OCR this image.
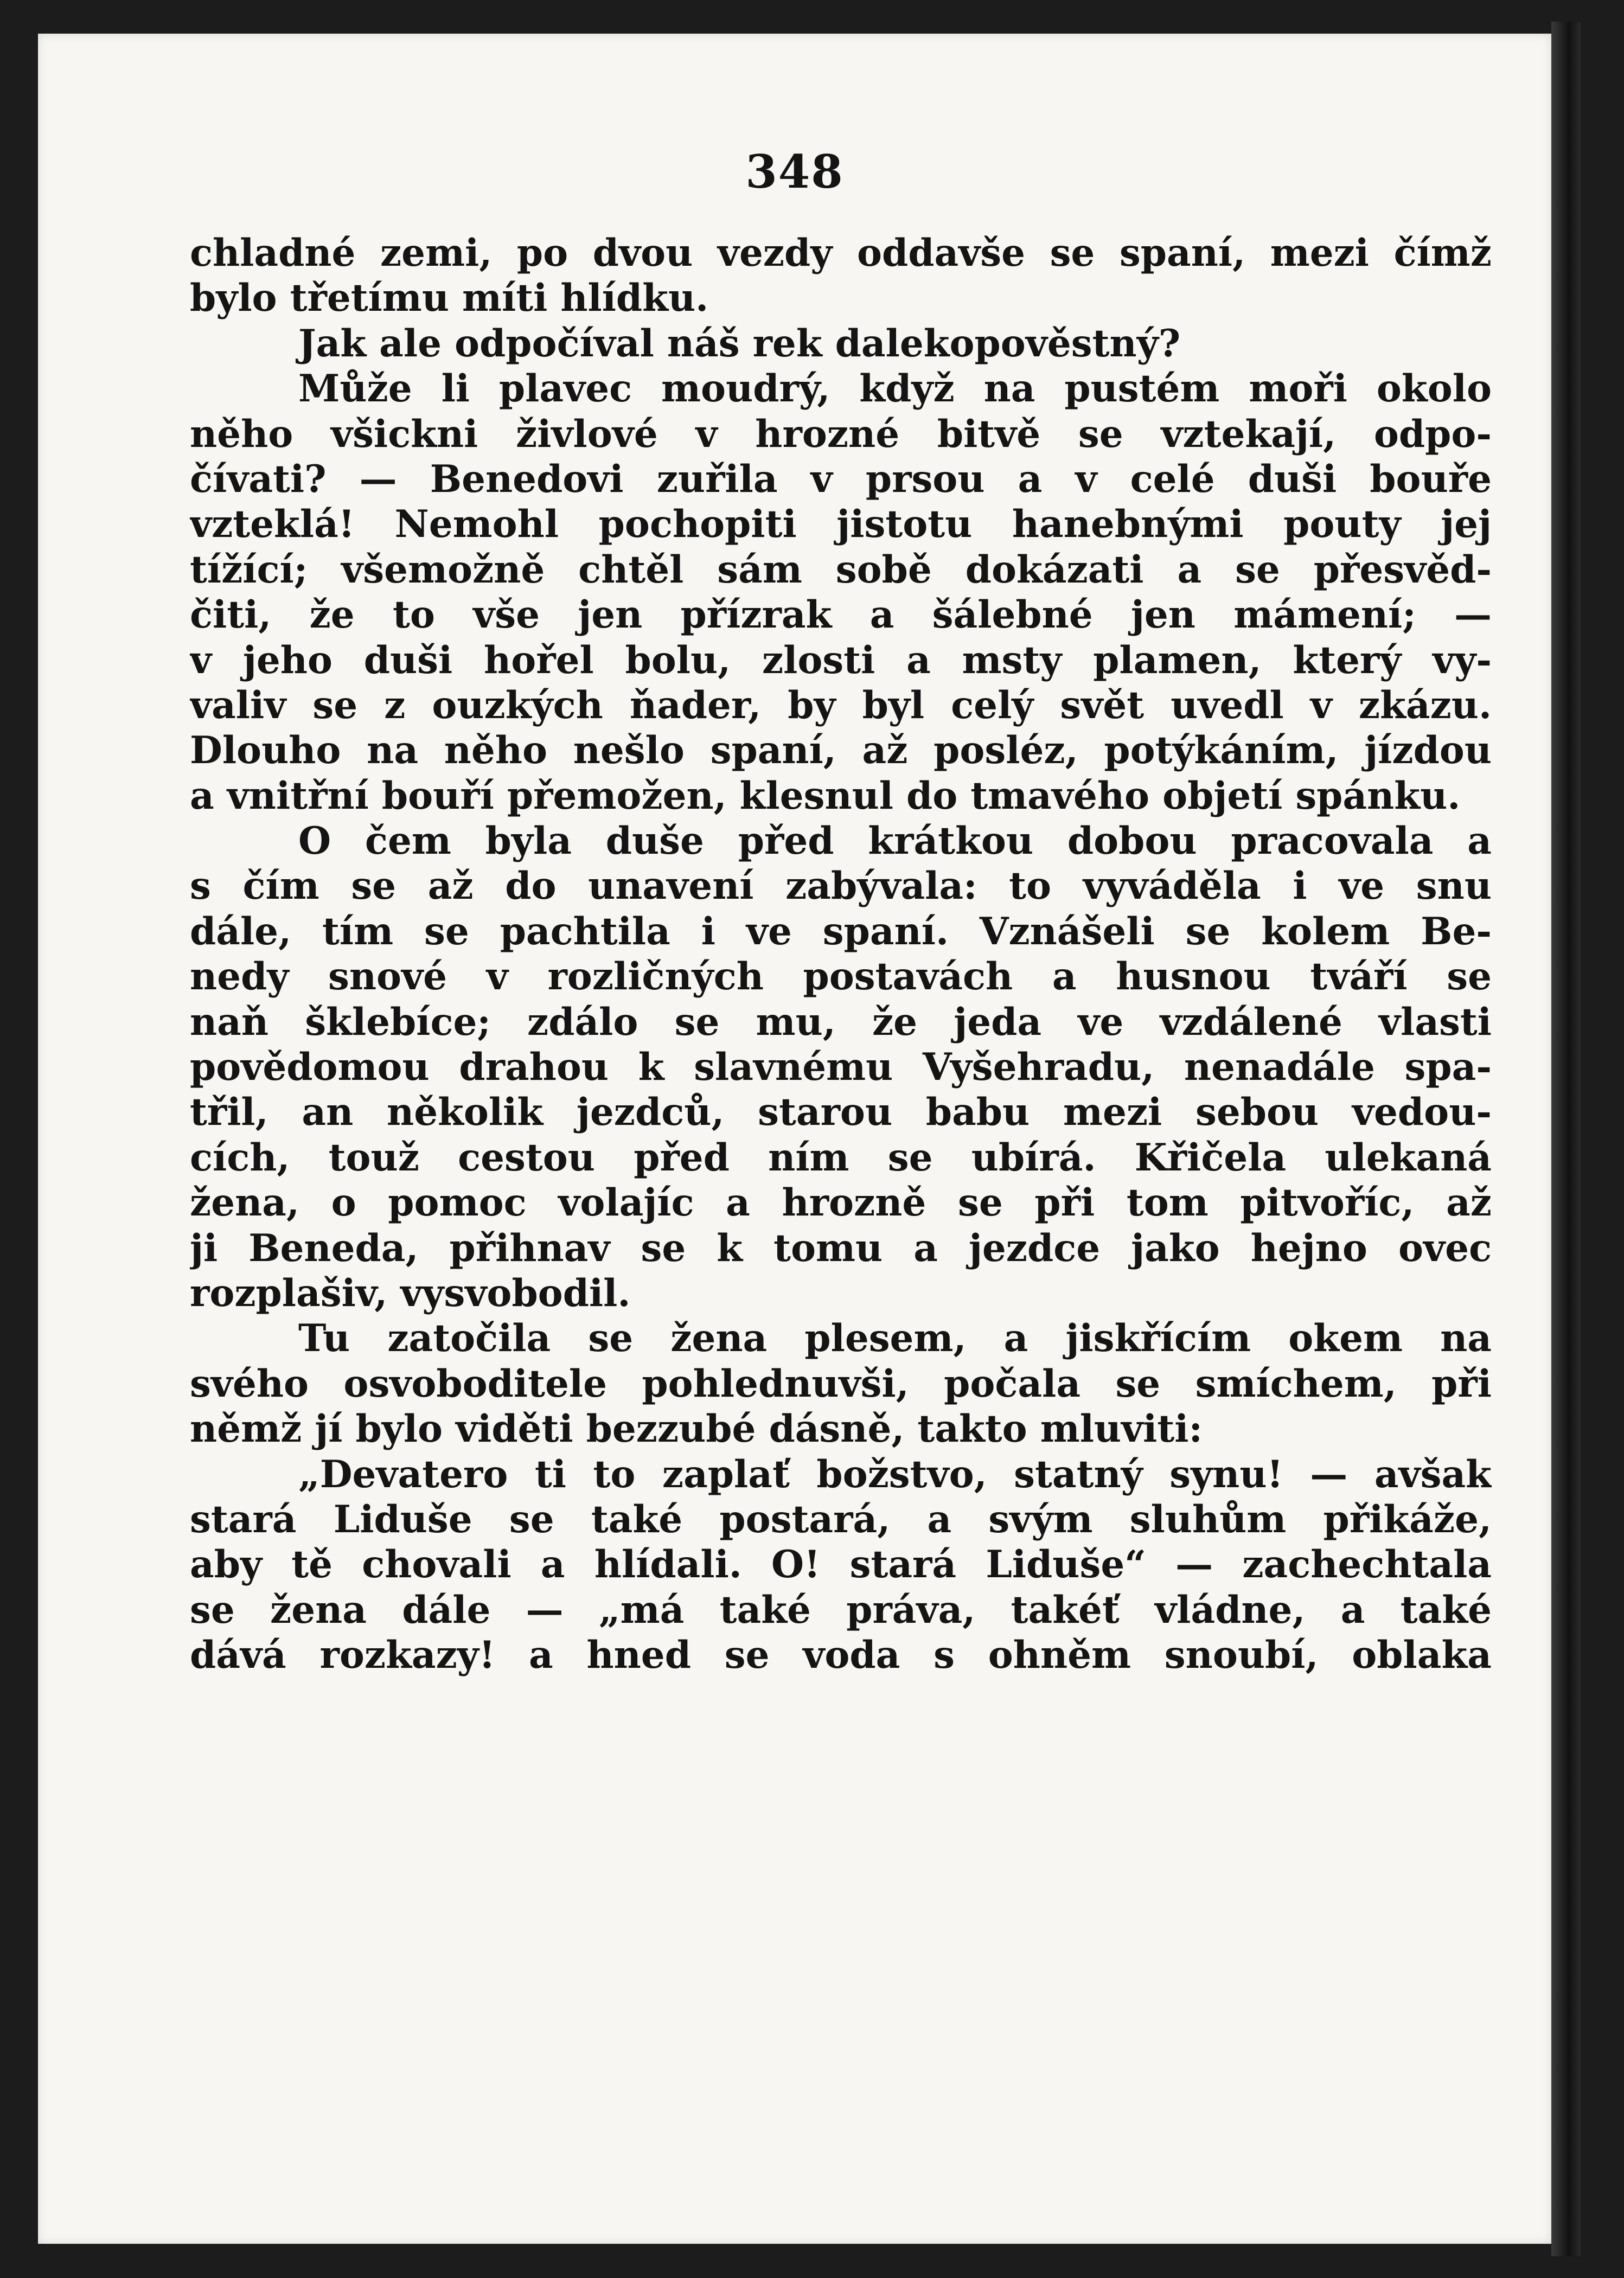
348
chladné zemi, po dvou vezdy oddavše se spaní, mezi čímž
bylo třetímu míti hlídku.
Jak ale odpočíval náš rek dalekopověstný?
Může li plavec moudrý, když na pustém moři okolo
něho všickni živlové v hrozné bitvě se vztekají, odpo-
čívati? — Benedovi zuřila v prsou a v celé duši bouře
vzteklá! Nemohl pochopiti jistotu hanebnými pouty jej
tížící; všemožně chtěl sám sobě dokázati a se přesvěd-
čiti, že to vše jen přízrak a šálebné jen mámení; —
v jeho duši hořel bolu, zlosti a msty plamen, který vy-
valiv se z ouzkých ňader, by byl celý svět uvedl v zkázu.
Dlouho na něho nešlo spaní, až posléz, potýkáním, jízdou
a vnitřní bouří přemožen, klesnul do tmavého objetí spánku.
O čem byla duše před krátkou dobou pracovala a
s čím se až do unavení zabývala: to vyváděla i ve snu
dále, tím se pachtila i ve spaní. Vznášeli se kolem Be-
nedy snové v rozličných postavách a husnou tváří se
naň šklebíce; zdálo se mu, že jeda ve vzdálené vlasti
povědomou drahou k slavnému Vyšehradu, nenadále spa-
třil, an několik jezdců, starou babu mezi sebou vedou-
cích, touž cestou před ním se ubírá. Křičela ulekaná
žena, o pomoc volajíc a hrozně se při tom pitvoříc, až
ji Beneda, přihnav se k tomu a jezdce jako hejno ovec
rozplašiv, vysvobodil.
Tu zatočila se žena plesem, a jiskřícím okem na
svého osvoboditele pohlednuvši, počala se smíchem, při
němž jí bylo viděti bezzubé dásně, takto mluviti:
„Devatero ti to zaplať božstvo, statný synu! — avšak
stará Liduše se také postará, a svým sluhům přikáže,
aby tě chovali a hlídali. O! stará Liduše“ — zachechtala
se žena dále — „má také práva, takéť vládne, a také
dává rozkazy! a hned se voda s ohněm snoubí, oblaka
